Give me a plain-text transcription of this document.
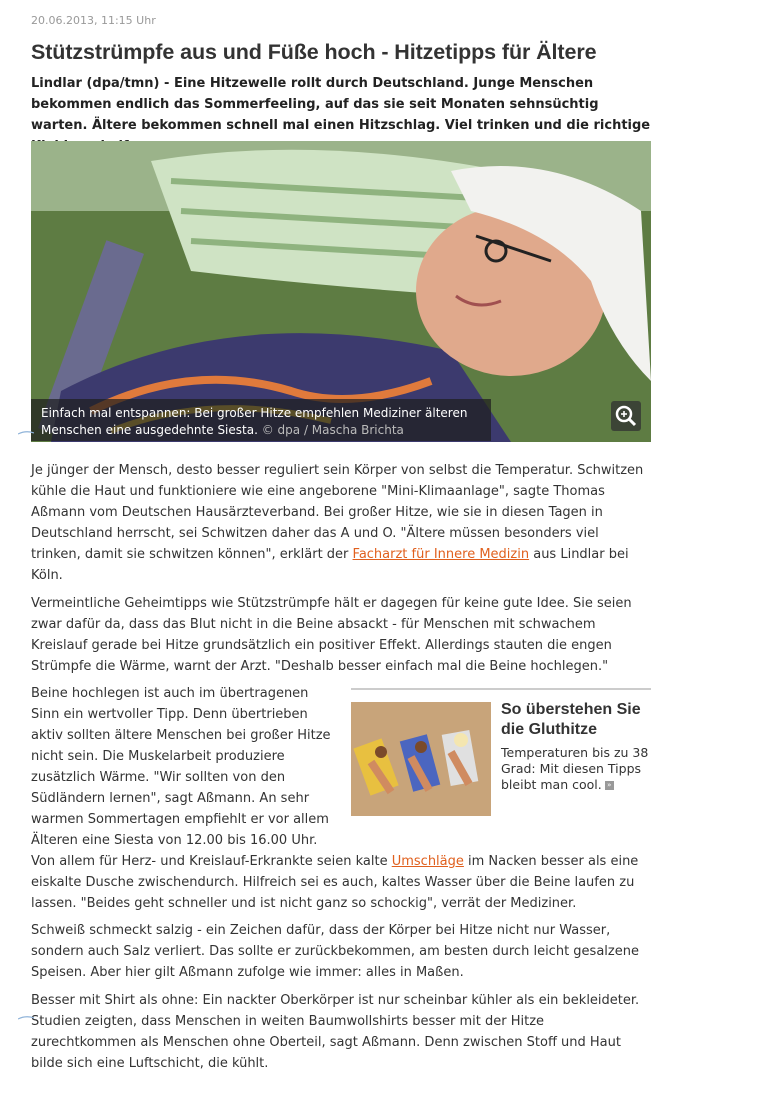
20.06.2013, 11:15 Uhr
Stützstrümpfe aus und Füße hoch - Hitzetipps für Ältere

Lindlar (dpa/tmn) - Eine Hitzewelle rollt durch Deutschland. Junge Menschen bekommen endlich das Sommerfeeling, auf das sie seit Monaten sehnsüchtig warten. Ältere bekommen schnell mal einen Hitzschlag. Viel trinken und die richtige

Einfach mal entspannen: Bei großer Hitze empfehlen Mediziner älteren Menschen eine ausgedehnte Siesta. © dpa / Mascha Brichta

Je jünger der Mensch, desto besser reguliert sein Körper von selbst die Temperatur. Schwitzen kühle die Haut und funktioniere wie eine angeborene "Mini-Klimaanlage", sagte Thomas Aßmann vom Deutschen Hausärzteverband. Bei großer Hitze, wie sie in diesen Tagen in Deutschland herrscht, sei Schwitzen daher das A und O. "Ältere müssen besonders viel trinken, damit sie schwitzen können", erklärt der Facharzt für Innere Medizin aus Lindlar bei Köln.

Vermeintliche Geheimtipps wie Stützstrümpfe hält er dagegen für keine gute Idee. Sie seien zwar dafür da, dass das Blut nicht in die Beine absackt - für Menschen mit schwachem Kreislauf gerade bei Hitze grundsätzlich ein positiver Effekt. Allerdings stauten die engen Strümpfe die Wärme, warnt der Arzt. "Deshalb besser einfach mal die Beine hochlegen."

Beine hochlegen ist auch im übertragenen Sinn ein wertvoller Tipp. Denn übertrieben aktiv sollten ältere Menschen bei großer Hitze nicht sein. Die Muskelarbeit produziere zusätzlich Wärme. "Wir sollten von den Südländern lernen", sagt Aßmann. An sehr warmen Sommertagen empfiehlt er vor allem Älteren eine Siesta von 12.00 bis 16.00 Uhr.

So überstehen Sie die Gluthitze
Temperaturen bis zu 38 Grad: Mit diesen Tipps bleibt man cool. »

Von allem für Herz- und Kreislauf-Erkrankte seien kalte Umschläge im Nacken besser als eine eiskalte Dusche zwischendurch. Hilfreich sei es auch, kaltes Wasser über die Beine laufen zu lassen. "Beides geht schneller und ist nicht ganz so schockig", verrät der Mediziner.

Schweiß schmeckt salzig - ein Zeichen dafür, dass der Körper bei Hitze nicht nur Wasser, sondern auch Salz verliert. Das sollte er zurückbekommen, am besten durch leicht gesalzene Speisen. Aber hier gilt Aßmann zufolge wie immer: alles in Maßen.

Besser mit Shirt als ohne: Ein nackter Oberkörper ist nur scheinbar kühler als ein bekleideter. Studien zeigten, dass Menschen in weiten Baumwollshirts besser mit der Hitze zurechtkommen als Menschen ohne Oberteil, sagt Aßmann. Denn zwischen Stoff und Haut bilde sich eine Luftschicht, die kühlt.
